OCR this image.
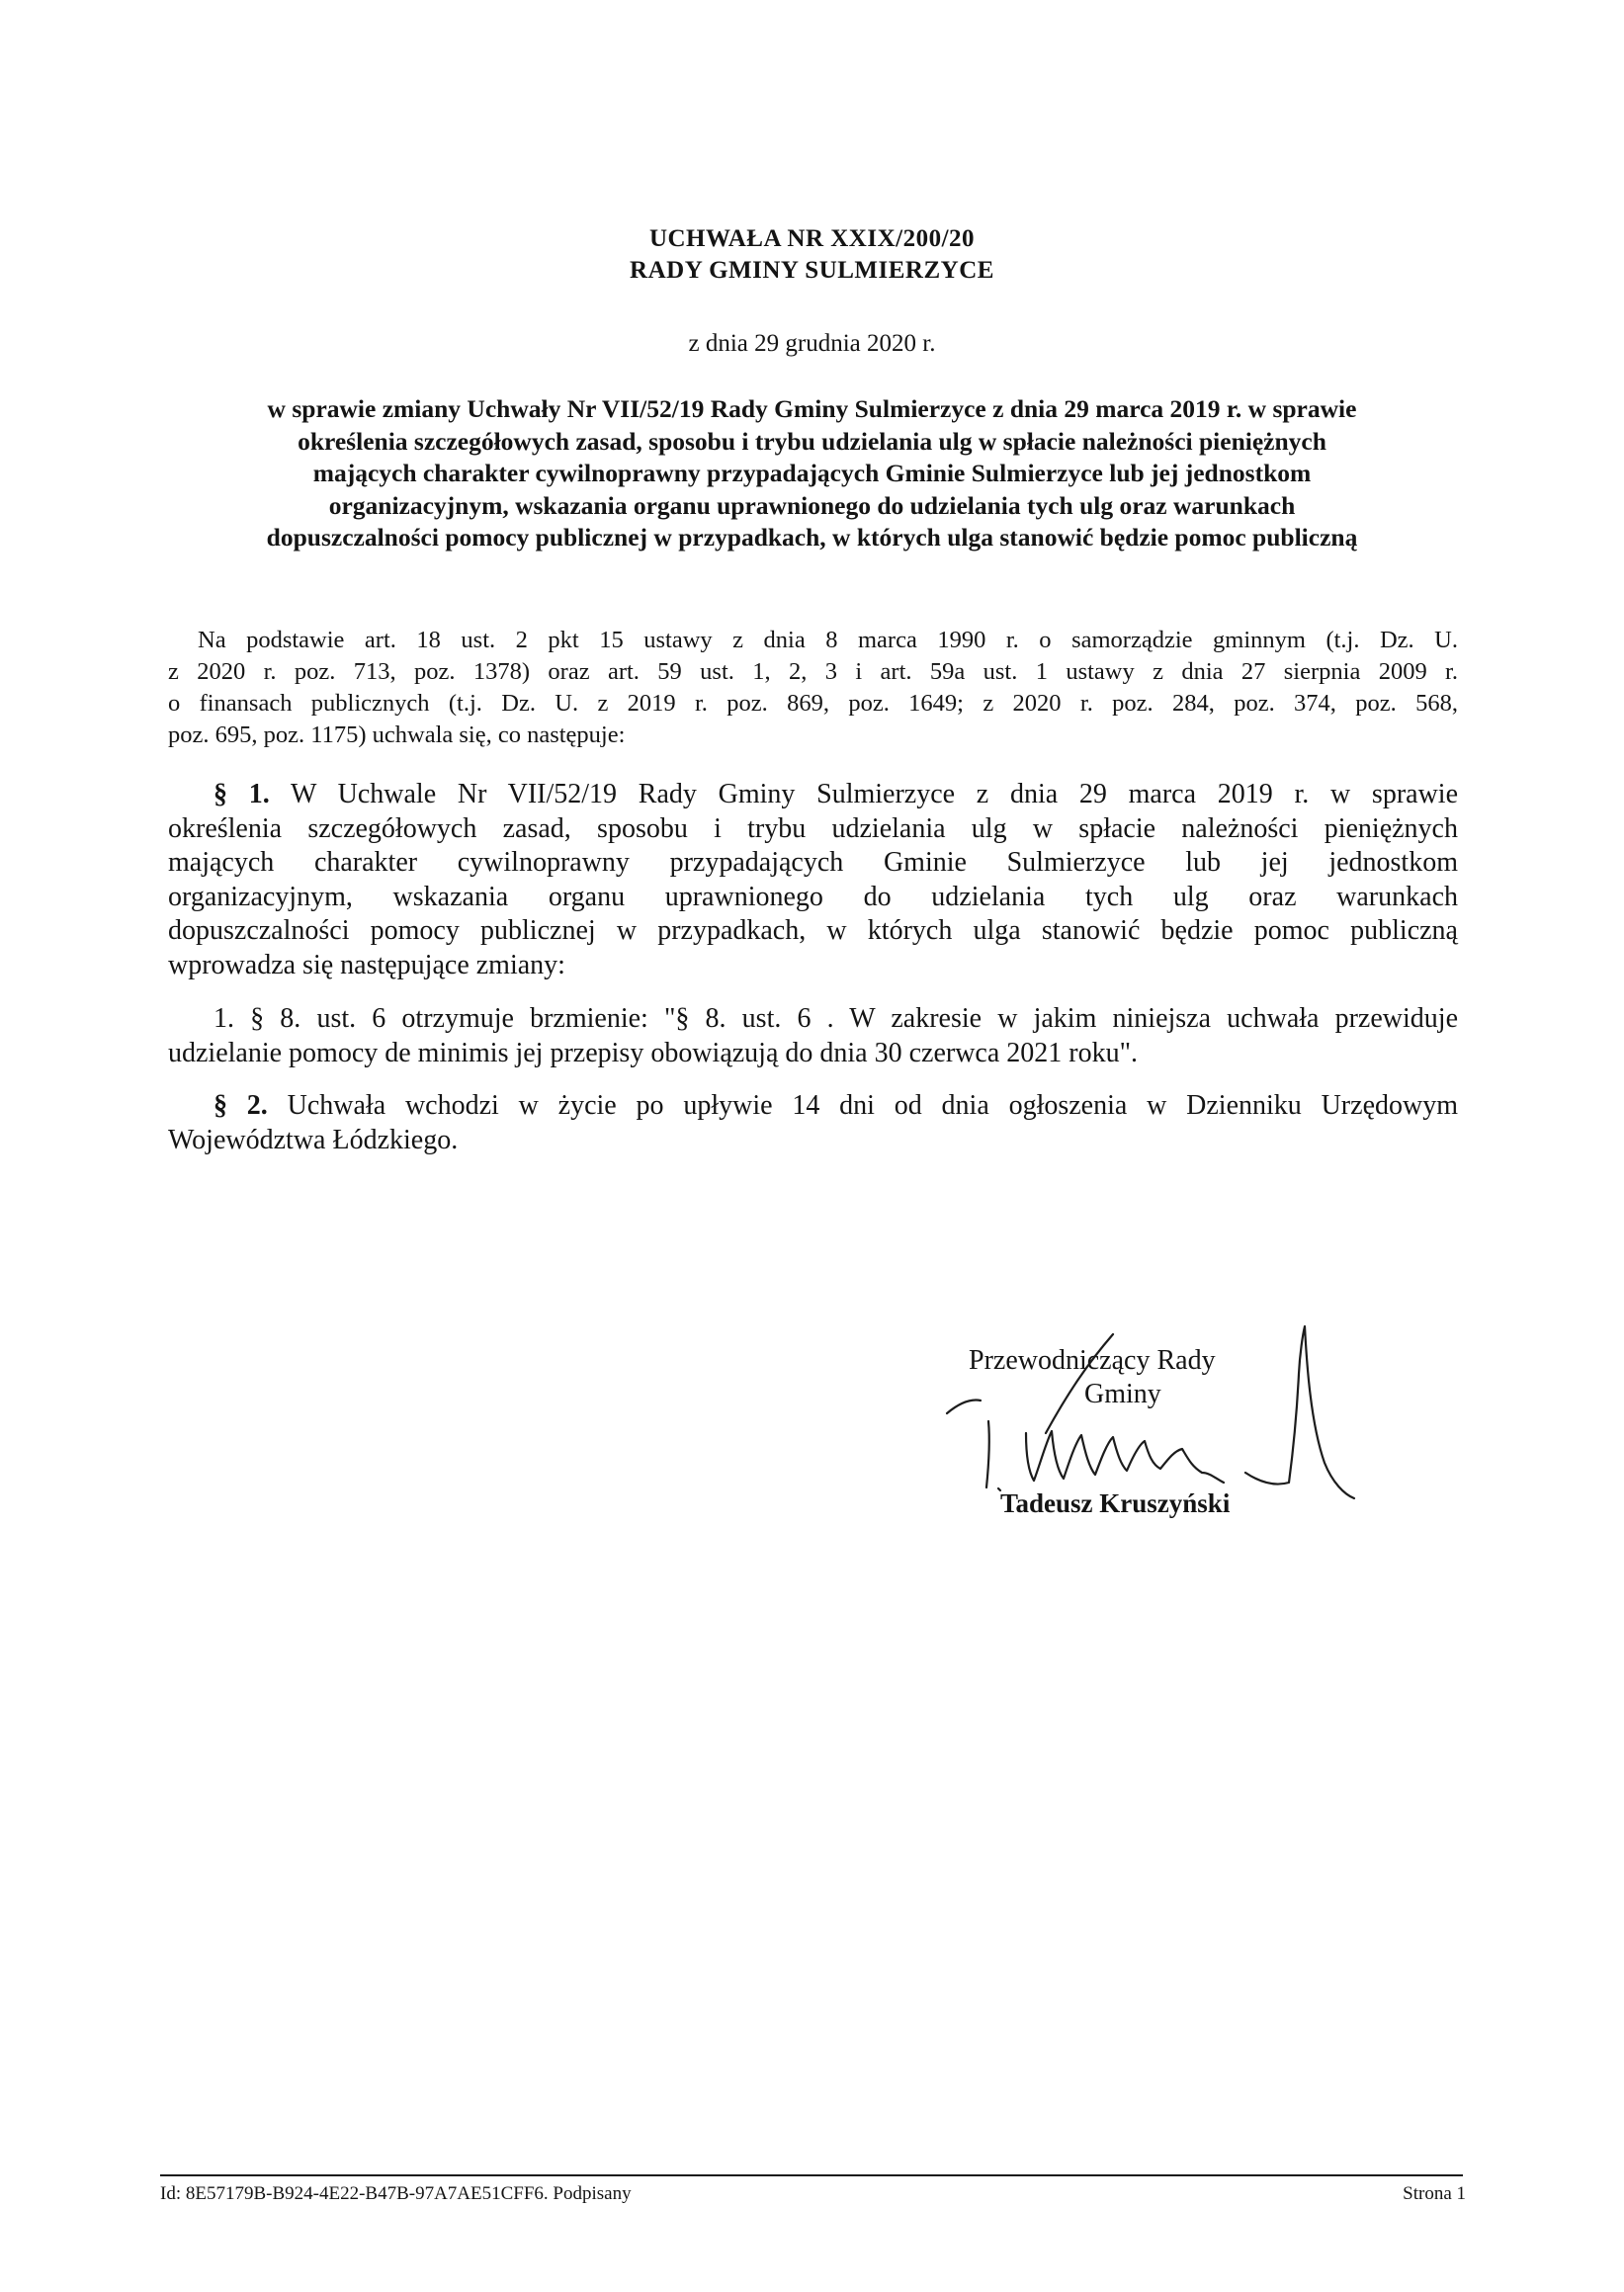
UCHWAŁA NR XXIX/200/20
RADY GMINY SULMIERZYCE
z dnia 29 grudnia 2020 r.
w sprawie zmiany Uchwały Nr VII/52/19 Rady Gminy Sulmierzyce z dnia 29 marca 2019 r. w sprawie
określenia szczegółowych zasad, sposobu i trybu udzielania ulg w spłacie należności pieniężnych
mających charakter cywilnoprawny przypadających Gminie Sulmierzyce lub jej jednostkom
organizacyjnym, wskazania organu uprawnionego do udzielania tych ulg oraz warunkach
dopuszczalności pomocy publicznej w przypadkach, w których ulga stanowić będzie pomoc publiczną
Na podstawie art. 18 ust. 2 pkt 15 ustawy z dnia 8 marca 1990 r. o samorządzie gminnym (t.j. Dz. U.
z 2020 r. poz. 713, poz. 1378) oraz art. 59 ust. 1, 2, 3 i art. 59a ust. 1 ustawy z dnia 27 sierpnia 2009 r.
o finansach publicznych (t.j. Dz. U. z 2019 r. poz. 869, poz. 1649; z 2020 r. poz. 284, poz. 374, poz. 568,
poz. 695, poz. 1175) uchwala się, co następuje:
§ 1. W Uchwale Nr VII/52/19 Rady Gminy Sulmierzyce z dnia 29 marca 2019 r. w sprawie
określenia szczegółowych zasad, sposobu i trybu udzielania ulg w spłacie należności pieniężnych
mających charakter cywilnoprawny przypadających Gminie Sulmierzyce lub jej jednostkom
organizacyjnym, wskazania organu uprawnionego do udzielania tych ulg oraz warunkach
dopuszczalności pomocy publicznej w przypadkach, w których ulga stanowić będzie pomoc publiczną
wprowadza się następujące zmiany:
1. § 8. ust. 6 otrzymuje brzmienie: "§ 8. ust. 6 . W zakresie w jakim niniejsza uchwała przewiduje
udzielanie pomocy de minimis jej przepisy obowiązują do dnia 30 czerwca 2021 roku".
§ 2. Uchwała wchodzi w życie po upływie 14 dni od dnia ogłoszenia w Dzienniku Urzędowym
Województwa Łódzkiego.
Przewodniczący Rady
Gminy
Tadeusz Kruszyński
Id: 8E57179B-B924-4E22-B47B-97A7AE51CFF6. Podpisany	Strona 1
